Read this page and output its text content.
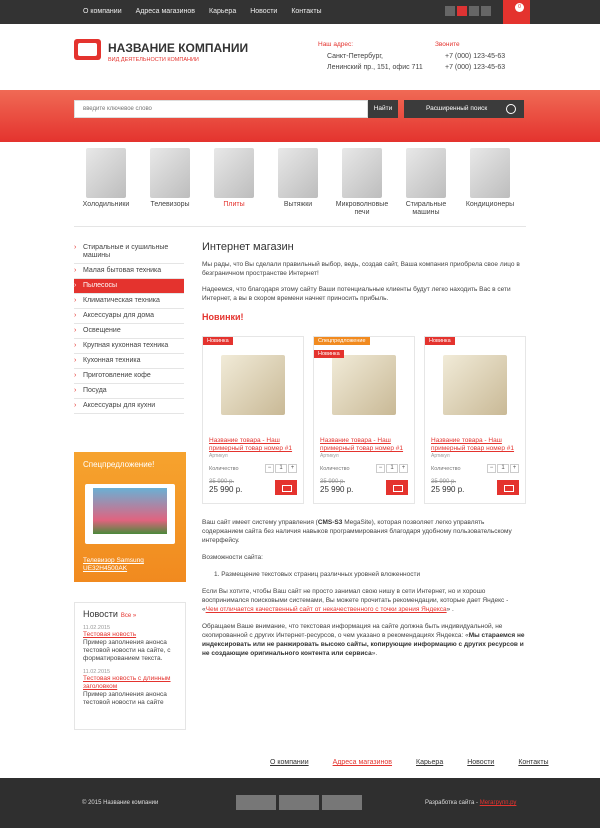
О компании	Адреса магазинов	Карьера	Новости	Контакты
0
НАЗВАНИЕ КОМПАНИИ
ВИД ДЕЯТЕЛЬНОСТИ КОМПАНИИ
Наш адрес:
Санкт-Петербург,
Ленинский пр., 151, офис 711
Звоните
+7 (000) 123-45-63
+7 (000) 123-45-63
введите ключевое слово
Найти	Расширенный поиск
Холодильники	Телевизоры	Плиты	Вытяжки	Микроволновые печи
Стиральные машины
Кондиционеры
› Стиральные и сушильные машины
› Малая бытовая техника
› Пылесосы
› Климатическая техника
› Аксессуары для дома
› Освещение
› Крупная кухонная техника
› Кухонная техника
› Приготовление кофе
› Посуда
› Аксессуары для кухни
Спецпредложение!
Телевизор Samsung UE32H4500AK
Новости Все »
11.02.2015
Тестовая новость
Пример заполнения анонса тестовой новости на сайте, с форматированием текста.
11.02.2015
Тестовая новость с длинным заголовком
Пример заполнения анонса тестовой новости на сайте
Интернет магазин

Мы рады, что Вы сделали правильный выбор, ведь, создав сайт, Ваша компания приобрела свое лицо в безграничном пространстве Интернет!

Надеемся, что благодаря этому сайту Ваши потенциальные клиенты будут легко находить Вас в сети Интернет, а вы в скором времени начнет приносить прибыль.

Новинки!
Новинка
Название товара - Наш примерный товар номер #1
Артикул
Количество	−	1	+
35 990 р.
25 990 р.
Спецпредложение
Новинка
Название товара - Наш примерный товар номер #1
Артикул
Количество	−	1	+
35 990 р.
25 990 р.
Новинка
Название товара - Наш примерный товар номер #1
Артикул
Количество	−	1	+
35 990 р.
25 990 р.

Ваш сайт имеет систему управления (CMS-S3 MegaSite), которая позволяет легко управлять содержанием сайта без наличия навыков программирования благодаря удобному пользовательскому интерфейсу.

Возможности сайта:

1. Размещение текстовых страниц различных уровней вложенности

Если Вы хотите, чтобы Ваш сайт не просто занимал свою нишу в сети Интернет, но и хорошо воспринимался поисковыми системами, Вы можете прочитать рекомендации, которые дает Яндекс - «Чем отличается качественный сайт от некачественного с точки зрения Яндекса» .

Обращаем Ваше внимание, что текстовая информация на сайте должна быть индивидуальной, не скопированной с других Интернет-ресурсов, о чем указано в рекомендациях Яндекса: «Мы стараемся не индексировать или не ранжировать высоко сайты, копирующие информацию с других ресурсов и не создающие оригинального контента или сервиса».

О компании	Адреса магазинов	Карьера	Новости	Контакты
© 2015 Название компании	Разработка сайта - Мегагрупп.ру
